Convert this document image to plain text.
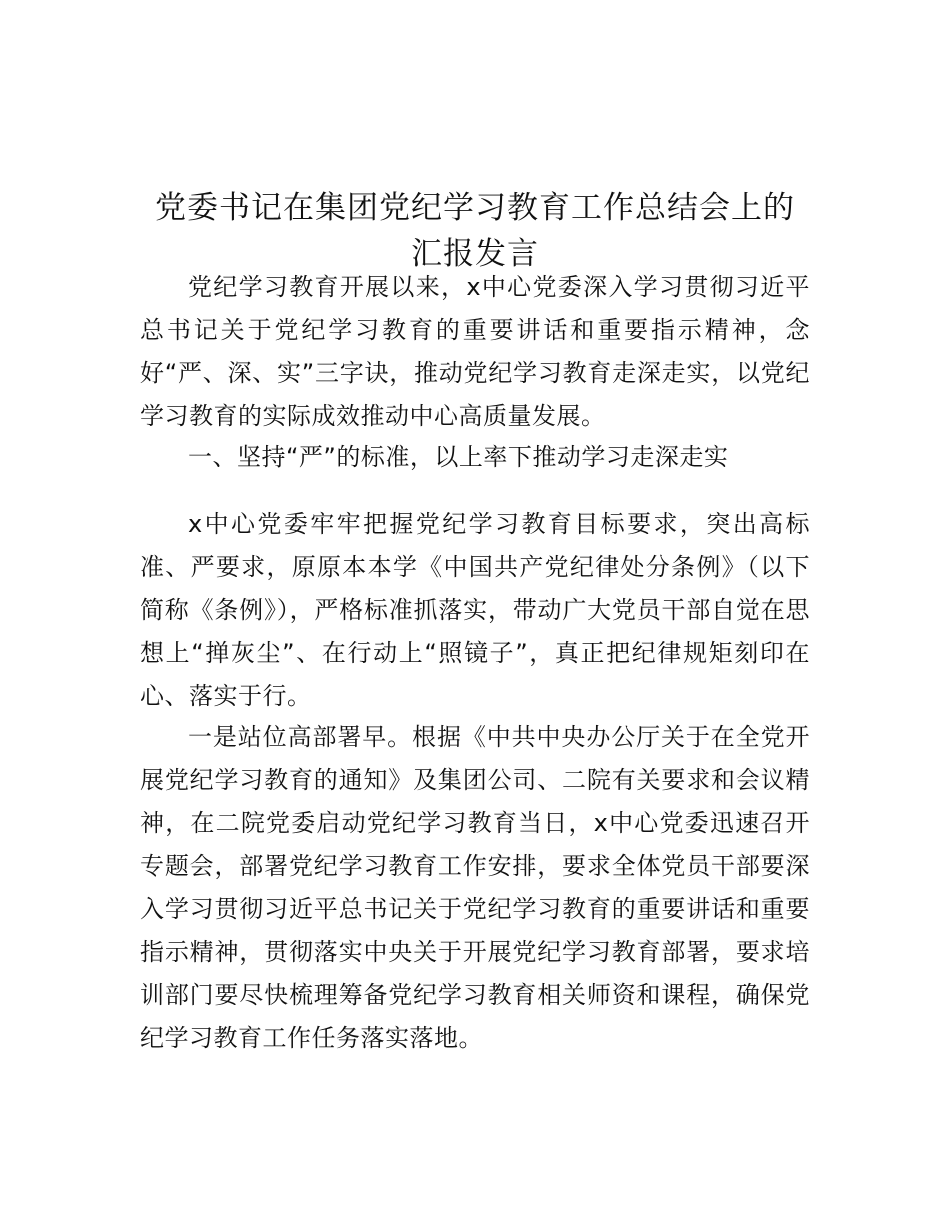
党委书记在集团党纪学习教育工作总结会上的
汇报发言

党纪学习教育开展以来，x中心党委深入学习贯彻习近平总书记关于党纪学习教育的重要讲话和重要指示精神，念好“严、深、实”三字诀，推动党纪学习教育走深走实，以党纪学习教育的实际成效推动中心高质量发展。

一、坚持“严”的标准，以上率下推动学习走深走实

x中心党委牢牢把握党纪学习教育目标要求，突出高标准、严要求，原原本本学《中国共产党纪律处分条例》（以下简称《条例》），严格标准抓落实，带动广大党员干部自觉在思想上“掸灰尘”、在行动上“照镜子”，真正把纪律规矩刻印在心、落实于行。

一是站位高部署早。根据《中共中央办公厅关于在全党开展党纪学习教育的通知》及集团公司、二院有关要求和会议精神，在二院党委启动党纪学习教育当日，x中心党委迅速召开专题会，部署党纪学习教育工作安排，要求全体党员干部要深入学习贯彻习近平总书记关于党纪学习教育的重要讲话和重要指示精神，贯彻落实中央关于开展党纪学习教育部署，要求培训部门要尽快梳理筹备党纪学习教育相关师资和课程，确保党纪学习教育工作任务落实落地。
